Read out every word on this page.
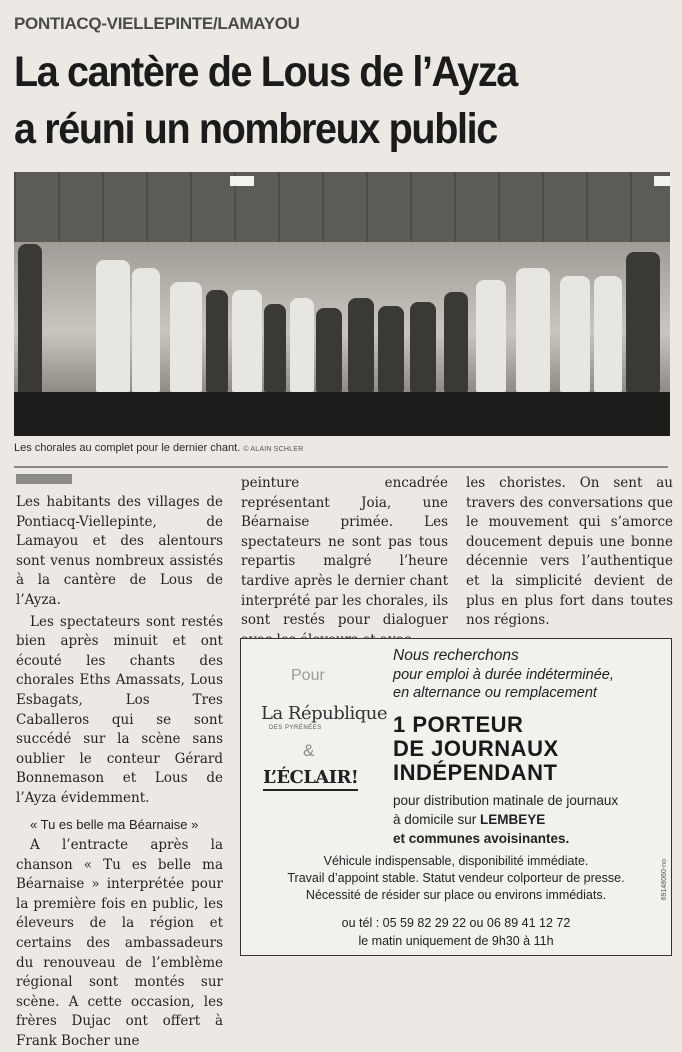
PONTIACQ-VIELLEPINTE/LAMAYOU
La cantère de Lous de l’Ayza
a réuni un nombreux public
Les chorales au complet pour le dernier chant. © ALAIN SCHLER

Les habitants des villages de Pontiacq-Viellepinte, de Lamayou et des alentours sont venus nombreux assistés à la cantère de Lous de l’Ayza.

Les spectateurs sont restés bien après minuit et ont écouté les chants des chorales Eths Amassats, Lous Esbagats, Los Tres Caballeros qui se sont succédé sur la scène sans oublier le conteur Gérard Bonnemason et Lous de l’Ayza évidemment.

« Tu es belle ma Béarnaise »

A l’entracte après la chanson « Tu es belle ma Béarnaise » interprétée pour la première fois en public, les éleveurs de la région et certains des ambassadeurs du renouveau de l’emblème régional sont montés sur scène. A cette occasion, les frères Dujac ont offert à Frank Bocher une

peinture encadrée représentant Joia, une Béarnaise primée. Les spectateurs ne sont pas tous repartis malgré l’heure tardive après le dernier chant interprété par les chorales, ils sont restés pour dialoguer

les choristes. On sent au travers des conversations que le mouvement qui s’amorce doucement depuis une bonne décennie vers l’authentique et la simplicité devient de plus en plus fort dans toutes nos régions.

Pour
La République
DES PYRÉNÉES
&
L’ÉCLAIR!
Nous recherchons
pour emploi à durée indéterminée,
en alternance ou remplacement
1 PORTEUR
DE JOURNAUX
INDÉPENDANT
pour distribution matinale de journaux
à domicile sur LEMBEYE
et communes avoisinantes.
Véhicule indispensable, disponibilité immédiate.
Travail d’appoint stable. Statut vendeur colporteur de presse.
Nécessité de résider sur place ou environs immédiats.
ou tél : 05 59 82 29 22 ou 06 89 41 12 72
le matin uniquement de 9h30 à 11h
69148060-no
